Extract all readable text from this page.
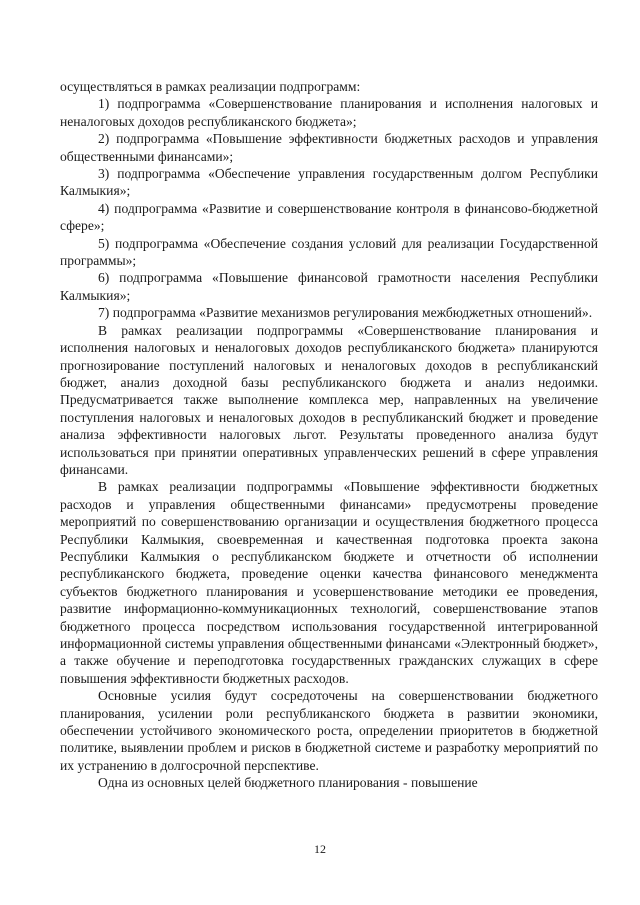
осуществляться в рамках реализации подпрограмм:

1) подпрограмма «Совершенствование планирования и исполнения налоговых и неналоговых доходов республиканского бюджета»;

2) подпрограмма «Повышение эффективности бюджетных расходов и управления общественными финансами»;

3) подпрограмма «Обеспечение управления государственным долгом Республики Калмыкия»;

4) подпрограмма «Развитие и совершенствование контроля в финансово-бюджетной сфере»;

5) подпрограмма «Обеспечение создания условий для реализации Государственной программы»;

6) подпрограмма «Повышение финансовой грамотности населения Республики Калмыкия»;

7) подпрограмма «Развитие механизмов регулирования межбюджетных отношений».

В рамках реализации подпрограммы «Совершенствование планирования и исполнения налоговых и неналоговых доходов республиканского бюджета» планируются прогнозирование поступлений налоговых и неналоговых доходов в республиканский бюджет, анализ доходной базы республиканского бюджета и анализ недоимки. Предусматривается также выполнение комплекса мер, направленных на увеличение поступления налоговых и неналоговых доходов в республиканский бюджет и проведение анализа эффективности налоговых льгот. Результаты проведенного анализа будут использоваться при принятии оперативных управленческих решений в сфере управления финансами.

В рамках реализации подпрограммы «Повышение эффективности бюджетных расходов и управления общественными финансами» предусмотрены проведение мероприятий по совершенствованию организации и осуществления бюджетного процесса Республики Калмыкия, своевременная и качественная подготовка проекта закона Республики Калмыкия о республиканском бюджете и отчетности об исполнении республиканского бюджета, проведение оценки качества финансового менеджмента субъектов бюджетного планирования и усовершенствование методики ее проведения, развитие информационно-коммуникационных технологий, совершенствование этапов бюджетного процесса посредством использования государственной интегрированной информационной системы управления общественными финансами «Электронный бюджет», а также обучение и переподготовка государственных гражданских служащих в сфере повышения эффективности бюджетных расходов.

Основные усилия будут сосредоточены на совершенствовании бюджетного планирования, усилении роли республиканского бюджета в развитии экономики, обеспечении устойчивого экономического роста, определении приоритетов в бюджетной политике, выявлении проблем и рисков в бюджетной системе и разработку мероприятий по их устранению в долгосрочной перспективе.

Одна из основных целей бюджетного планирования - повышение

12
